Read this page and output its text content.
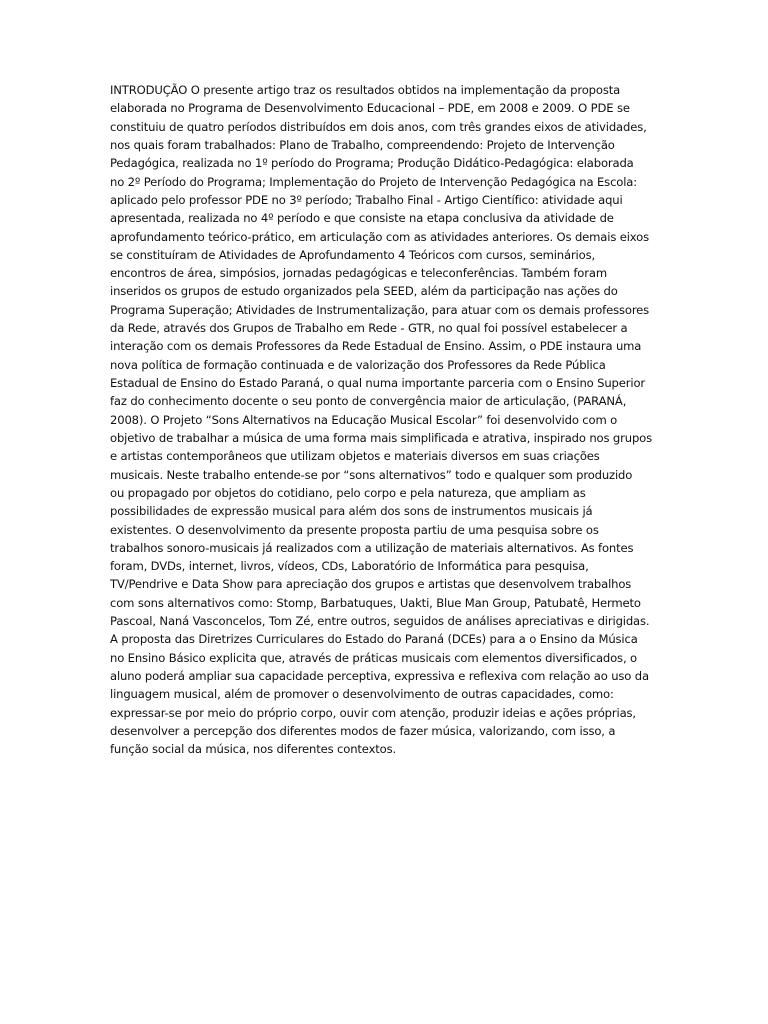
INTRODUÇÃO O presente artigo traz os resultados obtidos na implementação da proposta
elaborada no Programa de Desenvolvimento Educacional – PDE, em 2008 e 2009. O PDE se
constituiu de quatro períodos distribuídos em dois anos, com três grandes eixos de atividades,
nos quais foram trabalhados: Plano de Trabalho, compreendendo: Projeto de Intervenção
Pedagógica, realizada no 1º período do Programa; Produção Didático-Pedagógica: elaborada
no 2º Período do Programa; Implementação do Projeto de Intervenção Pedagógica na Escola:
aplicado pelo professor PDE no 3º período; Trabalho Final - Artigo Científico: atividade aqui
apresentada, realizada no 4º período e que consiste na etapa conclusiva da atividade de
aprofundamento teórico-prático, em articulação com as atividades anteriores. Os demais eixos
se constituíram de Atividades de Aprofundamento 4 Teóricos com cursos, seminários,
encontros de área, simpósios, jornadas pedagógicas e teleconferências. Também foram
inseridos os grupos de estudo organizados pela SEED, além da participação nas ações do
Programa Superação; Atividades de Instrumentalização, para atuar com os demais professores
da Rede, através dos Grupos de Trabalho em Rede - GTR, no qual foi possível estabelecer a
interação com os demais Professores da Rede Estadual de Ensino. Assim, o PDE instaura uma
nova política de formação continuada e de valorização dos Professores da Rede Pública
Estadual de Ensino do Estado Paraná, o qual numa importante parceria com o Ensino Superior
faz do conhecimento docente o seu ponto de convergência maior de articulação, (PARANÁ,
2008). O Projeto “Sons Alternativos na Educação Musical Escolar” foi desenvolvido com o
objetivo de trabalhar a música de uma forma mais simplificada e atrativa, inspirado nos grupos
e artistas contemporâneos que utilizam objetos e materiais diversos em suas criações
musicais. Neste trabalho entende-se por “sons alternativos” todo e qualquer som produzido
ou propagado por objetos do cotidiano, pelo corpo e pela natureza, que ampliam as
possibilidades de expressão musical para além dos sons de instrumentos musicais já
existentes. O desenvolvimento da presente proposta partiu de uma pesquisa sobre os
trabalhos sonoro-musicais já realizados com a utilização de materiais alternativos. As fontes
foram, DVDs, internet, livros, vídeos, CDs, Laboratório de Informática para pesquisa,
TV/Pendrive e Data Show para apreciação dos grupos e artistas que desenvolvem trabalhos
com sons alternativos como: Stomp, Barbatuques, Uakti, Blue Man Group, Patubatê, Hermeto
Pascoal, Naná Vasconcelos, Tom Zé, entre outros, seguidos de análises apreciativas e dirigidas.
A proposta das Diretrizes Curriculares do Estado do Paraná (DCEs) para a o Ensino da Música
no Ensino Básico explicita que, através de práticas musicais com elementos diversificados, o
aluno poderá ampliar sua capacidade perceptiva, expressiva e reflexiva com relação ao uso da
linguagem musical, além de promover o desenvolvimento de outras capacidades, como:
expressar-se por meio do próprio corpo, ouvir com atenção, produzir ideias e ações próprias,
desenvolver a percepção dos diferentes modos de fazer música, valorizando, com isso, a
função social da música, nos diferentes contextos.
